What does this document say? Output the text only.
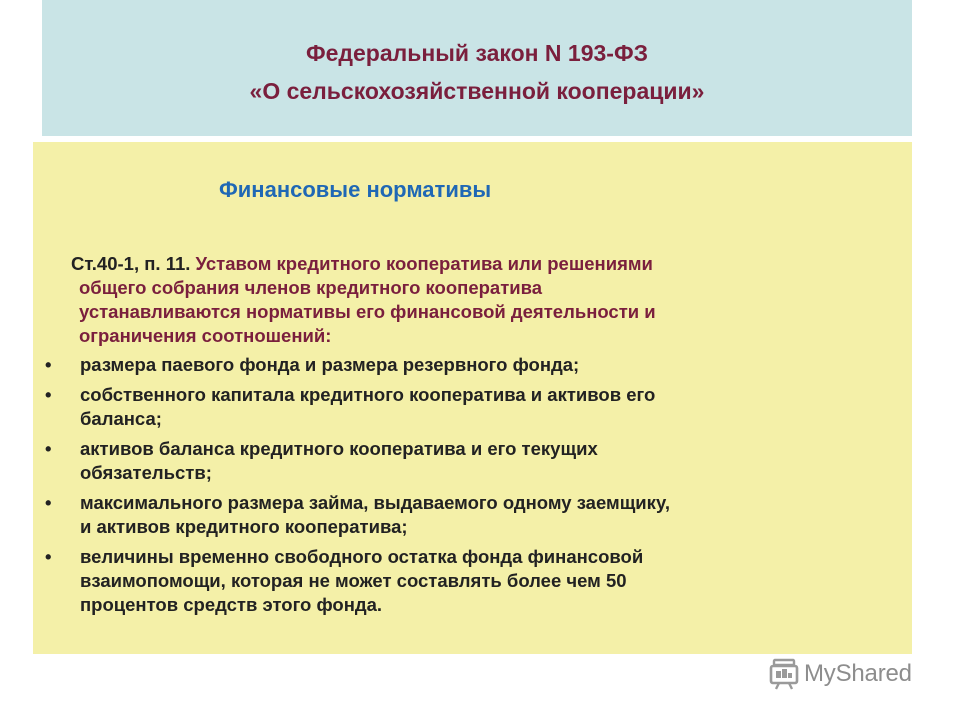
Федеральный закон N 193-ФЗ
«О сельскохозяйственной кооперации»
Финансовые нормативы
Ст.40-1, п. 11. Уставом кредитного кооператива или решениями
общего собрания членов кредитного кооператива
устанавливаются нормативы его финансовой деятельности и
ограничения соотношений:
• размера паевого фонда и размера резервного фонда;
• собственного капитала кредитного кооператива и активов его
баланса;
• активов баланса кредитного кооператива и его текущих
обязательств;
• максимального размера займа, выдаваемого одному заемщику,
и активов кредитного кооператива;
• величины временно свободного остатка фонда финансовой
взаимопомощи, которая не может составлять более чем 50
процентов средств этого фонда.
MyShared
